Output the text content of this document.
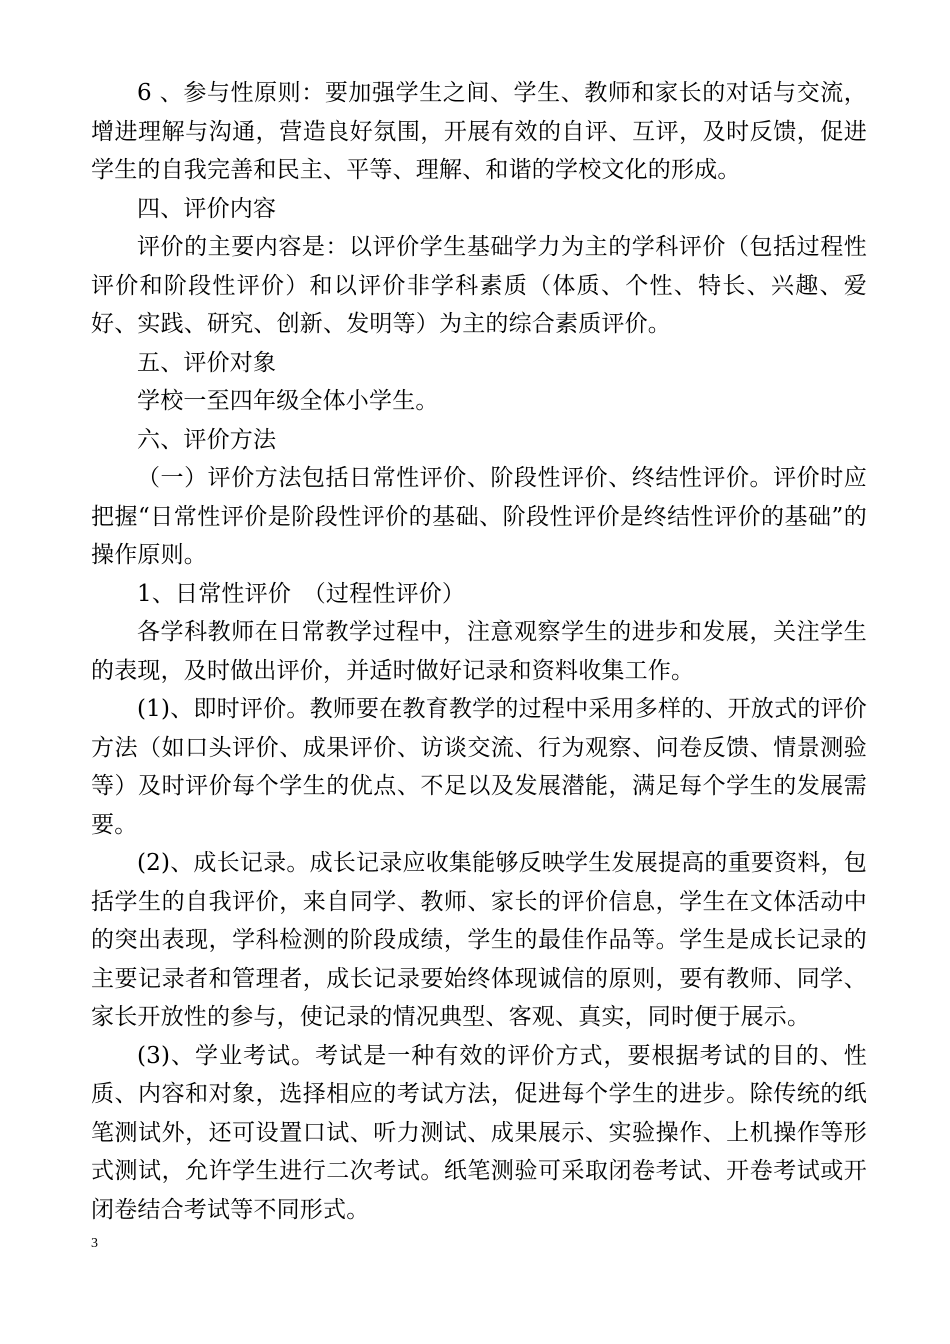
6 、参与性原则：要加强学生之间、学生、教师和家长的对话与交流，增进理解与沟通，营造良好氛围，开展有效的自评、互评，及时反馈，促进学生的自我完善和民主、平等、理解、和谐的学校文化的形成。

四、评价内容

评价的主要内容是：以评价学生基础学力为主的学科评价（包括过程性评价和阶段性评价）和以评价非学科素质（体质、个性、特长、兴趣、爱好、实践、研究、创新、发明等）为主的综合素质评价。

五、评价对象

学校一至四年级全体小学生。

六、评价方法

（一）评价方法包括日常性评价、阶段性评价、终结性评价。评价时应把握“日常性评价是阶段性评价的基础、阶段性评价是终结性评价的基础”的操作原则。

1、日常性评价　（过程性评价）

各学科教师在日常教学过程中，注意观察学生的进步和发展，关注学生的表现，及时做出评价，并适时做好记录和资料收集工作。

(1)、即时评价。教师要在教育教学的过程中采用多样的、开放式的评价方法（如口头评价、成果评价、访谈交流、行为观察、问卷反馈、情景测验等）及时评价每个学生的优点、不足以及发展潜能，满足每个学生的发展需要。

(2)、成长记录。成长记录应收集能够反映学生发展提高的重要资料，包括学生的自我评价，来自同学、教师、家长的评价信息，学生在文体活动中的突出表现，学科检测的阶段成绩，学生的最佳作品等。学生是成长记录的主要记录者和管理者，成长记录要始终体现诚信的原则，要有教师、同学、家长开放性的参与，使记录的情况典型、客观、真实，同时便于展示。

(3)、学业考试。考试是一种有效的评价方式，要根据考试的目的、性质、内容和对象，选择相应的考试方法，促进每个学生的进步。除传统的纸笔测试外，还可设置口试、听力测试、成果展示、实验操作、上机操作等形式测试，允许学生进行二次考试。纸笔测验可采取闭卷考试、开卷考试或开闭卷结合考试等不同形式。

3
